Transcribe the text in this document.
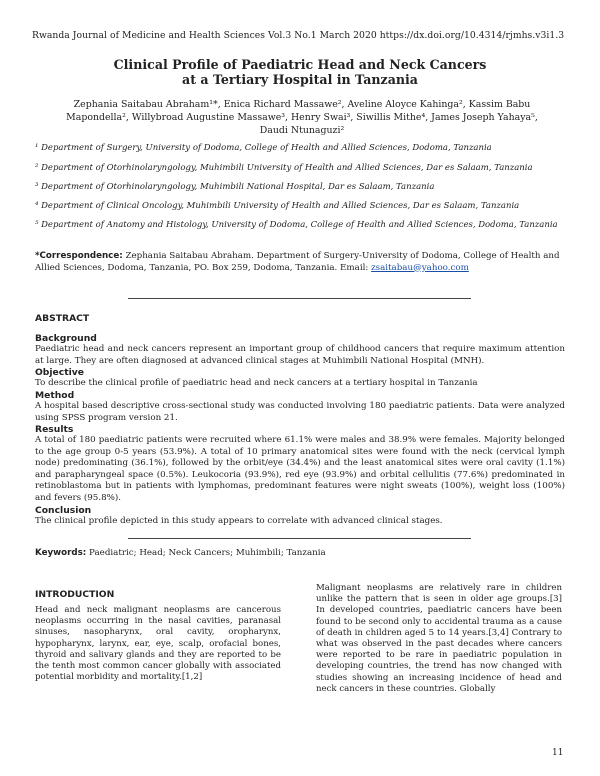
Rwanda Journal of Medicine and Health Sciences Vol.3 No.1 March 2020 https://dx.doi.org/10.4314/rjmhs.v3i1.3
Clinical Profile of Paediatric Head and Neck Cancers
at a Tertiary Hospital in Tanzania
Zephania Saitabau Abraham¹*, Enica Richard Massawe², Aveline Aloyce Kahinga², Kassim Babu
Mapondella², Willybroad Augustine Massawe³, Henry Swai³, Siwillis Mithe⁴, James Joseph Yahaya⁵,
Daudi Ntunaguzi²
¹ Department of Surgery, University of Dodoma, College of Health and Allied Sciences, Dodoma, Tanzania
² Department of Otorhinolaryngology, Muhimbili University of Health and Allied Sciences, Dar es Salaam, Tanzania
³ Department of Otorhinolaryngology, Muhimbili National Hospital, Dar es Salaam, Tanzania
⁴ Department of Clinical Oncology, Muhimbili University of Health and Allied Sciences, Dar es Salaam, Tanzania
⁵ Department of Anatomy and Histology, University of Dodoma, College of Health and Allied Sciences, Dodoma, Tanzania
*Correspondence: Zephania Saitabau Abraham. Department of Surgery-University of Dodoma, College of Health and Allied Sciences, Dodoma, Tanzania, PO. Box 259, Dodoma, Tanzania. Email: zsaitabau@yahoo.com
ABSTRACT
Background

Paediatric head and neck cancers represent an important group of childhood cancers that require maximum attention at large. They are often diagnosed at advanced clinical stages at Muhimbili National Hospital (MNH).

Objective

To describe the clinical profile of paediatric head and neck cancers at a tertiary hospital in Tanzania

Method

A hospital based descriptive cross-sectional study was conducted involving 180 paediatric patients. Data were analyzed using SPSS program version 21.

Results

A total of 180 paediatric patients were recruited where 61.1% were males and 38.9% were females. Majority belonged to the age group 0-5 years (53.9%). A total of 10 primary anatomical sites were found with the neck (cervical lymph node) predominating (36.1%), followed by the orbit/eye (34.4%) and the least anatomical sites were oral cavity (1.1%) and parapharyngeal space (0.5%). Leukocoria (93.9%), red eye (93.9%) and orbital cellulitis (77.6%) predominated in retinoblastoma but in patients with lymphomas, predominant features were night sweats (100%), weight loss (100%) and fevers (95.8%).

Conclusion

The clinical profile depicted in this study appears to correlate with advanced clinical stages.

Keywords: Paediatric; Head; Neck Cancers; Muhimbili; Tanzania
INTRODUCTION

Head and neck malignant neoplasms are cancerous neoplasms occurring in the nasal cavities, paranasal sinuses, nasopharynx, oral cavity, oropharynx, hypopharynx, larynx, ear, eye, scalp, orofacial bones, thyroid and salivary glands and they are reported to be the tenth most common cancer globally with associated potential morbidity and mortality.[1,2]

Malignant neoplasms are relatively rare in children unlike the pattern that is seen in older age groups.[3] In developed countries, paediatric cancers have been found to be second only to accidental trauma as a cause of death in children aged 5 to 14 years.[3,4] Contrary to what was observed in the past decades where cancers were reported to be rare in paediatric population in developing countries, the trend has now changed with studies showing an increasing incidence of head and neck cancers in these countries. Globally

11
